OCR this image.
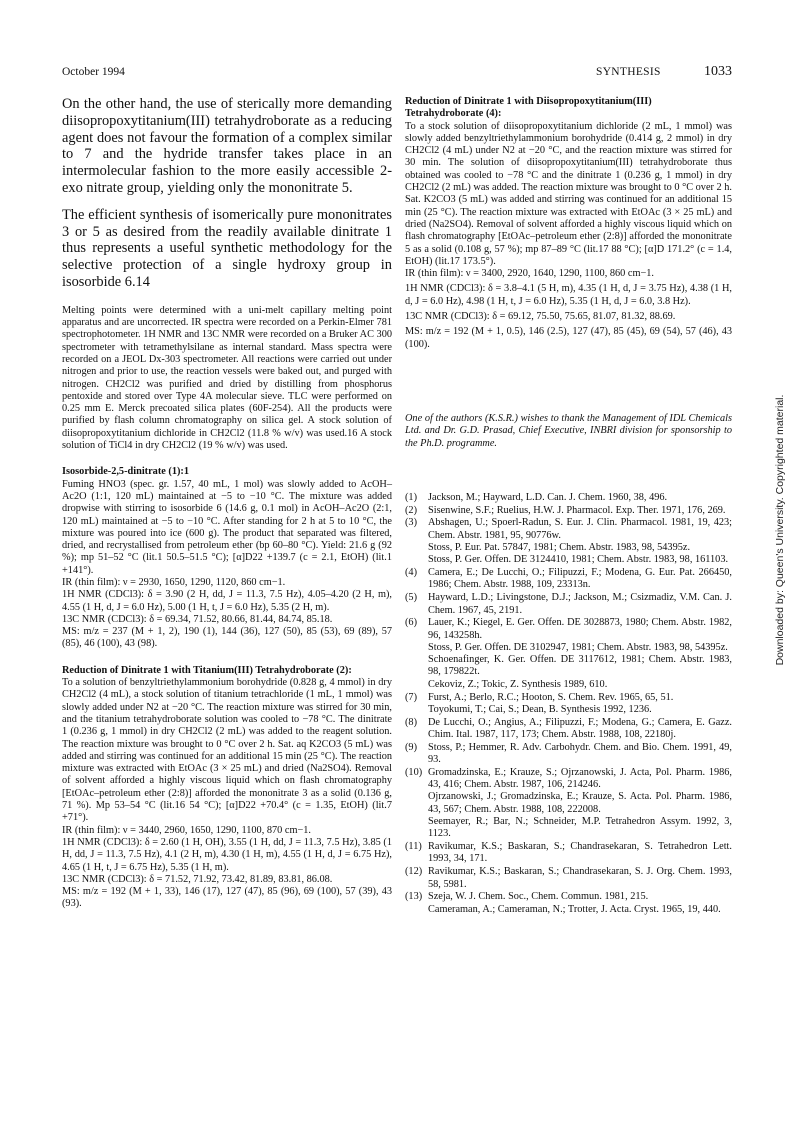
October 1994	SYNTHESIS	1033

On the other hand, the use of sterically more demanding diisopropoxytitanium(III) tetrahydroborate as a reducing agent does not favour the formation of a complex similar to 7 and the hydride transfer takes place in an intermolecular fashion to the more easily accessible 2-exo nitrate group, yielding only the mononitrate 5.

The efficient synthesis of isomerically pure mononitrates 3 or 5 as desired from the readily available dinitrate 1 thus represents a useful synthetic methodology for the selective protection of a single hydroxy group in isosorbide 6.14

Melting points were determined with a uni-melt capillary melting point apparatus and are uncorrected. IR spectra were recorded on a Perkin-Elmer 781 spectrophotometer. 1H NMR and 13C NMR were recorded on a Bruker AC 300 spectrometer with tetramethylsilane as internal standard. Mass spectra were recorded on a JEOL Dx-303 spectrometer. All reactions were carried out under nitrogen and prior to use, the reaction vessels were baked out, and purged with nitrogen. CH2Cl2 was purified and dried by distilling from phosphorus pentoxide and stored over Type 4A molecular sieve. TLC were performed on 0.25 mm E. Merck precoated silica plates (60F-254). All the products were purified by flash column chromatography on silica gel. A stock solution of diisopropoxytitanium dichloride in CH2Cl2 (11.8 % w/v) was used.16 A stock solution of TiCl4 in dry CH2Cl2 (19 % w/v) was used.

Isosorbide-2,5-dinitrate (1):1

Fuming HNO3 (spec. gr. 1.57, 40 mL, 1 mol) was slowly added to AcOH–Ac2O (1:1, 120 mL) maintained at −5 to −10 °C. The mixture was added dropwise with stirring to isosorbide 6 (14.6 g, 0.1 mol) in AcOH–Ac2O (2:1, 120 mL) maintained at −5 to −10 °C. After standing for 2 h at 5 to 10 °C, the mixture was poured into ice (600 g). The product that separated was filtered, dried, and recrystallised from petroleum ether (bp 60–80 °C). Yield: 21.6 g (92 %); mp 51–52 °C (lit.1 50.5–51.5 °C); [α]D22 +139.7 (c = 2.1, EtOH) (lit.1 +141°).

IR (thin film): ν = 2930, 1650, 1290, 1120, 860 cm−1.

1H NMR (CDCl3): δ = 3.90 (2 H, dd, J = 11.3, 7.5 Hz), 4.05–4.20 (2 H, m), 4.55 (1 H, d, J = 6.0 Hz), 5.00 (1 H, t, J = 6.0 Hz), 5.35 (2 H, m).

13C NMR (CDCl3): δ = 69.34, 71.52, 80.66, 81.44, 84.74, 85.18.

MS: m/z = 237 (M + 1, 2), 190 (1), 144 (36), 127 (50), 85 (53), 69 (89), 57 (85), 46 (100), 43 (98).

Reduction of Dinitrate 1 with Titanium(III) Tetrahydroborate (2):

To a solution of benzyltriethylammonium borohydride (0.828 g, 4 mmol) in dry CH2Cl2 (4 mL), a stock solution of titanium tetrachloride (1 mL, 1 mmol) was slowly added under N2 at −20 °C. The reaction mixture was stirred for 30 min, and the titanium tetrahydroborate solution was cooled to −78 °C. The dinitrate 1 (0.236 g, 1 mmol) in dry CH2Cl2 (2 mL) was added to the reagent solution. The reaction mixture was brought to 0 °C over 2 h. Sat. aq K2CO3 (5 mL) was added and stirring was continued for an additional 15 min (25 °C). The reaction mixture was extracted with EtOAc (3 × 25 mL) and dried (Na2SO4). Removal of solvent afforded a highly viscous liquid which on flash chromatography [EtOAc–petroleum ether (2:8)] afforded the mononitrate 3 as a solid (0.136 g, 71 %). Mp 53–54 °C (lit.16 54 °C); [α]D22 +70.4° (c = 1.35, EtOH) (lit.7 +71°).

IR (thin film): ν = 3440, 2960, 1650, 1290, 1100, 870 cm−1.

1H NMR (CDCl3): δ = 2.60 (1 H, OH), 3.55 (1 H, dd, J = 11.3, 7.5 Hz), 3.85 (1 H, dd, J = 11.3, 7.5 Hz), 4.1 (2 H, m), 4.30 (1 H, m), 4.55 (1 H, d, J = 6.75 Hz), 4.65 (1 H, t, J = 6.75 Hz), 5.35 (1 H, m).

13C NMR (CDCl3): δ = 71.52, 71.92, 73.42, 81.89, 83.81, 86.08.

MS: m/z = 192 (M + 1, 33), 146 (17), 127 (47), 85 (96), 69 (100), 57 (39), 43 (93).

Reduction of Dinitrate 1 with Diisopropoxytitanium(III) Tetrahydroborate (4):

To a stock solution of diisopropoxytitanium dichloride (2 mL, 1 mmol) was slowly added benzyltriethylammonium borohydride (0.414 g, 2 mmol) in dry CH2Cl2 (4 mL) under N2 at −20 °C, and the reaction mixture was stirred for 30 min. The solution of diisopropoxytitanium(III) tetrahydroborate thus obtained was cooled to −78 °C and the dinitrate 1 (0.236 g, 1 mmol) in dry CH2Cl2 (2 mL) was added. The reaction mixture was brought to 0 °C over 2 h. Sat. K2CO3 (5 mL) was added and stirring was continued for an additional 15 min (25 °C). The reaction mixture was extracted with EtOAc (3 × 25 mL) and dried (Na2SO4). Removal of solvent afforded a highly viscous liquid which on flash chromatography [EtOAc–petroleum ether (2:8)] afforded the mononitrate 5 as a solid (0.108 g, 57 %); mp 87–89 °C (lit.17 88 °C); [α]D 171.2° (c = 1.4, EtOH) (lit.17 173.5°).

IR (thin film): ν = 3400, 2920, 1640, 1290, 1100, 860 cm−1.

1H NMR (CDCl3): δ = 3.8–4.1 (5 H, m), 4.35 (1 H, d, J = 3.75 Hz), 4.38 (1 H, d, J = 6.0 Hz), 4.98 (1 H, t, J = 6.0 Hz), 5.35 (1 H, d, J = 6.0, 3.8 Hz).

13C NMR (CDCl3): δ = 69.12, 75.50, 75.65, 81.07, 81.32, 88.69.

MS: m/z = 192 (M + 1, 0.5), 146 (2.5), 127 (47), 85 (45), 69 (54), 57 (46), 43 (100).

One of the authors (K.S.R.) wishes to thank the Management of IDL Chemicals Ltd. and Dr. G.D. Prasad, Chief Executive, INBRI division for sponsorship to the Ph.D. programme.

(1) Jackson, M.; Hayward, L.D. Can. J. Chem. 1960, 38, 496.
(2) Sisenwine, S.F.; Ruelius, H.W. J. Pharmacol. Exp. Ther. 1971, 176, 269.
(3) Abshagen, U.; Spoerl-Radun, S. Eur. J. Clin. Pharmacol. 1981, 19, 423; Chem. Abstr. 1981, 95, 90776w.
Stoss, P. Eur. Pat. 57847, 1981; Chem. Abstr. 1983, 98, 54395z.
Stoss, P. Ger. Offen. DE 3124410, 1981; Chem. Abstr. 1983, 98, 161103.
(4) Camera, E.; De Lucchi, O.; Filipuzzi, F.; Modena, G. Eur. Pat. 266450, 1986; Chem. Abstr. 1988, 109, 23313n.
(5) Hayward, L.D.; Livingstone, D.J.; Jackson, M.; Csizmadiz, V.M. Can. J. Chem. 1967, 45, 2191.
(6) Lauer, K.; Kiegel, E. Ger. Offen. DE 3028873, 1980; Chem. Abstr. 1982, 96, 143258h.
Stoss, P. Ger. Offen. DE 3102947, 1981; Chem. Abstr. 1983, 98, 54395z.
Schoenafinger, K. Ger. Offen. DE 3117612, 1981; Chem. Abstr. 1983, 98, 179822t.
Cekoviz, Z.; Tokic, Z. Synthesis 1989, 610.
(7) Furst, A.; Berlo, R.C.; Hooton, S. Chem. Rev. 1965, 65, 51.
Toyokumi, T.; Cai, S.; Dean, B. Synthesis 1992, 1236.
(8) De Lucchi, O.; Angius, A.; Filipuzzi, F.; Modena, G.; Camera, E. Gazz. Chim. Ital. 1987, 117, 173; Chem. Abstr. 1988, 108, 22180j.
(9) Stoss, P.; Hemmer, R. Adv. Carbohydr. Chem. and Bio. Chem. 1991, 49, 93.
(10) Gromadzinska, E.; Krauze, S.; Ojrzanowski, J. Acta, Pol. Pharm. 1986, 43, 416; Chem. Abstr. 1987, 106, 214246.
Ojrzanowski, J.; Gromadzinska, E.; Krauze, S. Acta. Pol. Pharm. 1986, 43, 567; Chem. Abstr. 1988, 108, 222008.
Seemayer, R.; Bar, N.; Schneider, M.P. Tetrahedron Assym. 1992, 3, 1123.
(11) Ravikumar, K.S.; Baskaran, S.; Chandrasekaran, S. Tetrahedron Lett. 1993, 34, 171.
(12) Ravikumar, K.S.; Baskaran, S.; Chandrasekaran, S. J. Org. Chem. 1993, 58, 5981.
(13) Szeja, W. J. Chem. Soc., Chem. Commun. 1981, 215.
Cameraman, A.; Cameraman, N.; Trotter, J. Acta. Cryst. 1965, 19, 440.
Downloaded by: Queen's University. Copyrighted material.
